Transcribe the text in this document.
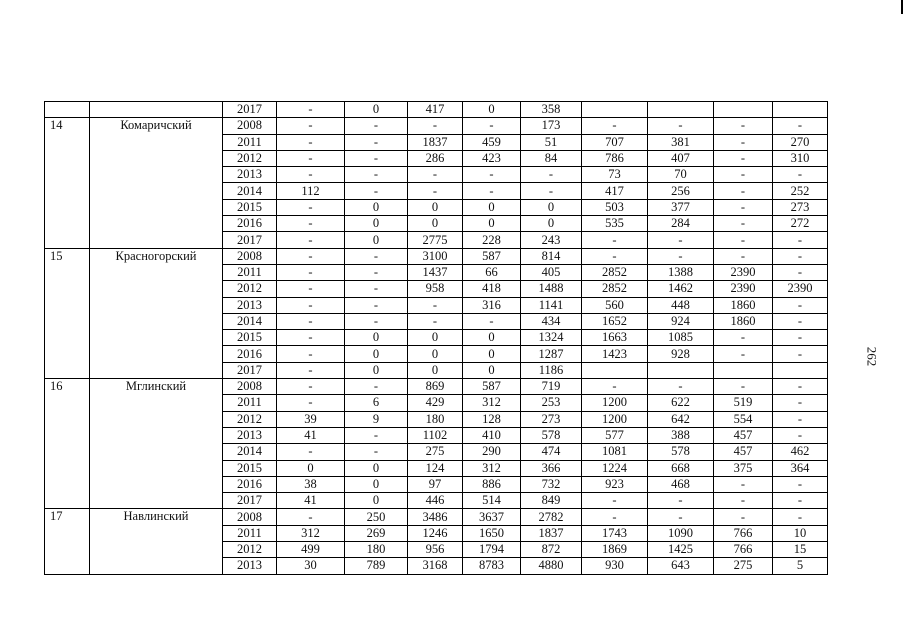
262
		2017	-	0	417	0	358				
14	Комаричский	2008	-	-	-	-	173	-	-	-	-
		2011	-	-	1837	459	51	707	381	-	270
		2012	-	-	286	423	84	786	407	-	310
		2013	-	-	-	-	-	73	70	-	-
		2014	112	-	-	-	-	417	256	-	252
		2015	-	0	0	0	0	503	377	-	273
		2016	-	0	0	0	0	535	284	-	272
		2017	-	0	2775	228	243	-	-	-	-
15	Красногорский	2008	-	-	3100	587	814	-	-	-	-
		2011	-	-	1437	66	405	2852	1388	2390	-
		2012	-	-	958	418	1488	2852	1462	2390	2390
		2013	-	-	-	316	1141	560	448	1860	-
		2014	-	-	-	-	434	1652	924	1860	-
		2015	-	0	0	0	1324	1663	1085	-	-
		2016	-	0	0	0	1287	1423	928	-	-
		2017	-	0	0	0	1186				
16	Мглинский	2008	-	-	869	587	719	-	-	-	-
		2011	-	6	429	312	253	1200	622	519	-
		2012	39	9	180	128	273	1200	642	554	-
		2013	41	-	1102	410	578	577	388	457	-
		2014	-	-	275	290	474	1081	578	457	462
		2015	0	0	124	312	366	1224	668	375	364
		2016	38	0	97	886	732	923	468	-	-
		2017	41	0	446	514	849	-	-	-	-
17	Навлинский	2008	-	250	3486	3637	2782	-	-	-	-
		2011	312	269	1246	1650	1837	1743	1090	766	10
		2012	499	180	956	1794	872	1869	1425	766	15
		2013	30	789	3168	8783	4880	930	643	275	5
